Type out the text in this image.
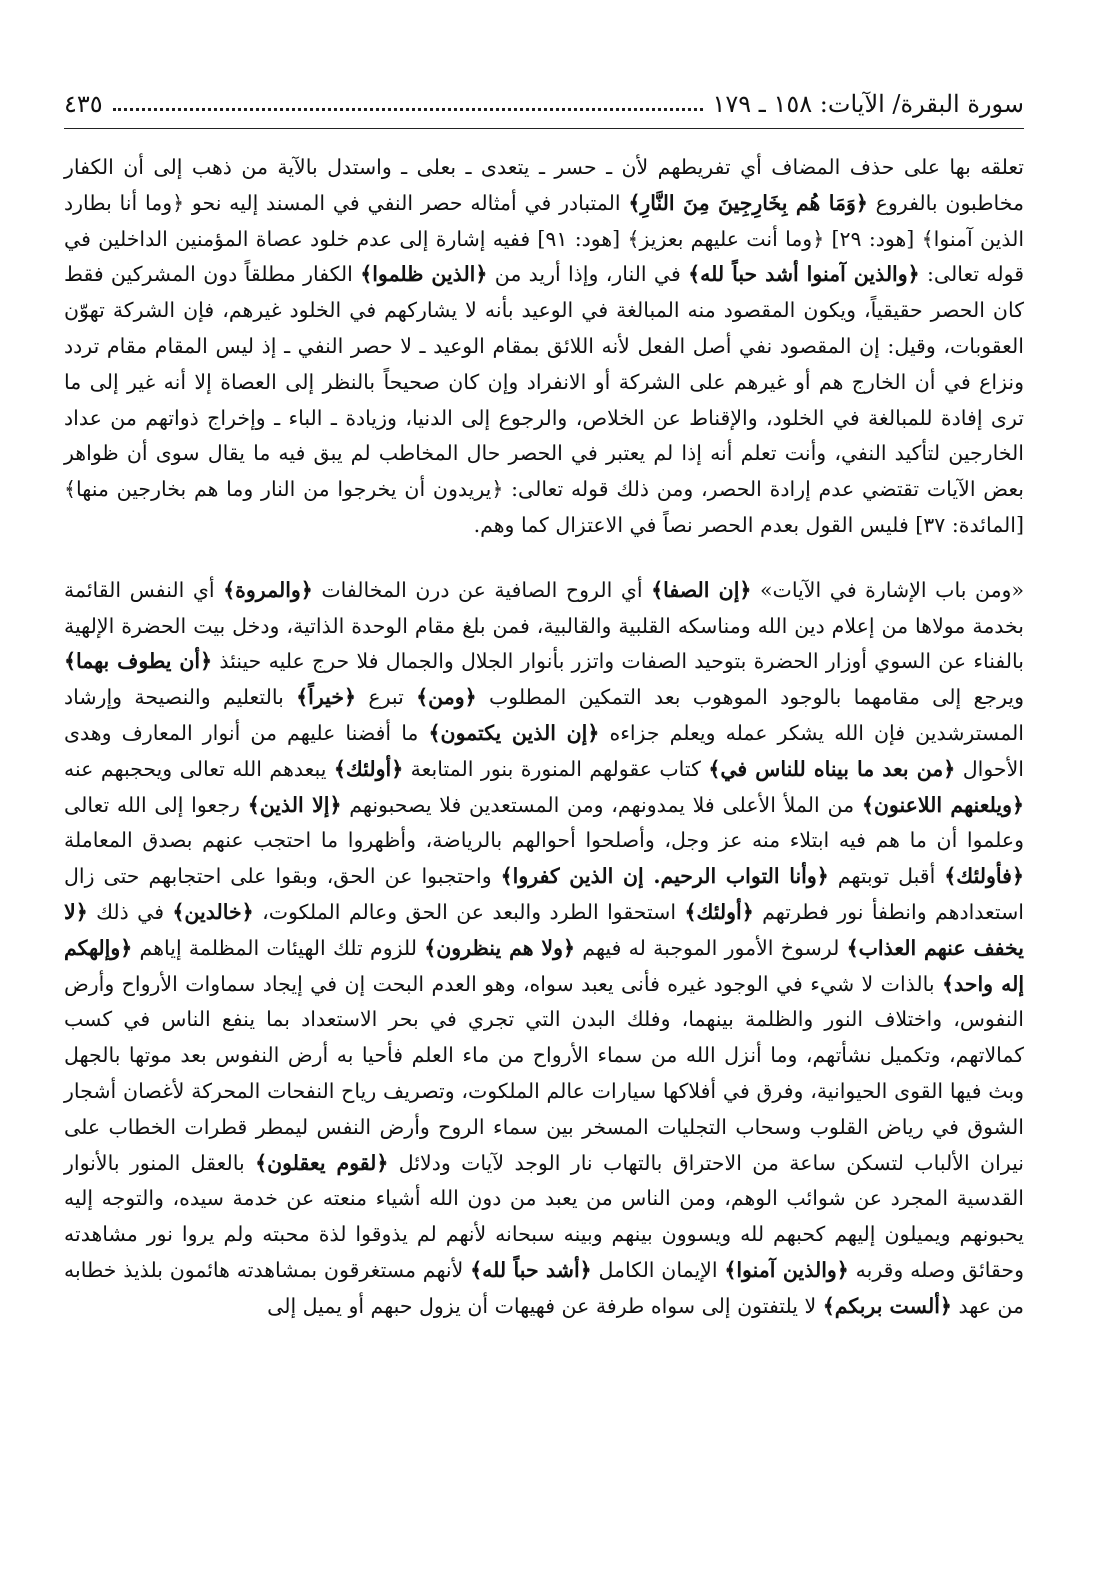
سورة البقرة/ الآيات: ١٥٨ ـ ١٧٩
٤٣٥

تعلقه بها على حذف المضاف أي تفريطهم لأن ـ حسر ـ يتعدى ـ بعلى ـ واستدل بالآية من ذهب إلى أن الكفار مخاطبون بالفروع ﴿وَمَا هُم بِخَارِجِينَ مِنَ النَّارِ﴾ المتبادر في أمثاله حصر النفي في المسند إليه نحو ﴿وما أنا بطارد الذين آمنوا﴾ [هود: ٢٩] ﴿وما أنت عليهم بعزيز﴾ [هود: ٩١] ففيه إشارة إلى عدم خلود عصاة المؤمنين الداخلين في قوله تعالى: ﴿والذين آمنوا أشد حباً لله﴾ في النار، وإذا أريد من ﴿الذين ظلموا﴾ الكفار مطلقاً دون المشركين فقط كان الحصر حقيقياً، ويكون المقصود منه المبالغة في الوعيد بأنه لا يشاركهم في الخلود غيرهم، فإن الشركة تهوّن العقوبات، وقيل: إن المقصود نفي أصل الفعل لأنه اللائق بمقام الوعيد ـ لا حصر النفي ـ إذ ليس المقام مقام تردد ونزاع في أن الخارج هم أو غيرهم على الشركة أو الانفراد وإن كان صحيحاً بالنظر إلى العصاة إلا أنه غير إلى ما ترى إفادة للمبالغة في الخلود، والإقناط عن الخلاص، والرجوع إلى الدنيا، وزيادة ـ الباء ـ وإخراج ذواتهم من عداد الخارجين لتأكيد النفي، وأنت تعلم أنه إذا لم يعتبر في الحصر حال المخاطب لم يبق فيه ما يقال سوى أن ظواهر بعض الآيات تقتضي عدم إرادة الحصر، ومن ذلك قوله تعالى: ﴿يريدون أن يخرجوا من النار وما هم بخارجين منها﴾ [المائدة: ٣٧] فليس القول بعدم الحصر نصاً في الاعتزال كما وهم.

«ومن باب الإشارة في الآيات» ﴿إن الصفا﴾ أي الروح الصافية عن درن المخالفات ﴿والمروة﴾ أي النفس القائمة بخدمة مولاها من إعلام دين الله ومناسكه القلبية والقالبية، فمن بلغ مقام الوحدة الذاتية، ودخل بيت الحضرة الإلهية بالفناء عن السوي أوزار الحضرة بتوحيد الصفات واتزر بأنوار الجلال والجمال فلا حرج عليه حينئذ ﴿أن يطوف بهما﴾ ويرجع إلى مقامهما بالوجود الموهوب بعد التمكين المطلوب ﴿ومن﴾ تبرع ﴿خيراً﴾ بالتعليم والنصيحة وإرشاد المسترشدين فإن الله يشكر عمله ويعلم جزاءه ﴿إن الذين يكتمون﴾ ما أفضنا عليهم من أنوار المعارف وهدى الأحوال ﴿من بعد ما بيناه للناس في﴾ كتاب عقولهم المنورة بنور المتابعة ﴿أولئك﴾ يبعدهم الله تعالى ويحجبهم عنه ﴿ويلعنهم اللاعنون﴾ من الملأ الأعلى فلا يمدونهم، ومن المستعدين فلا يصحبونهم ﴿إلا الذين﴾ رجعوا إلى الله تعالى وعلموا أن ما هم فيه ابتلاء منه عز وجل، وأصلحوا أحوالهم بالرياضة، وأظهروا ما احتجب عنهم بصدق المعاملة ﴿فأولئك﴾ أقبل توبتهم ﴿وأنا التواب الرحيم. إن الذين كفروا﴾ واحتجبوا عن الحق، وبقوا على احتجابهم حتى زال استعدادهم وانطفأ نور فطرتهم ﴿أولئك﴾ استحقوا الطرد والبعد عن الحق وعالم الملكوت، ﴿خالدين﴾ في ذلك ﴿لا يخفف عنهم العذاب﴾ لرسوخ الأمور الموجبة له فيهم ﴿ولا هم ينظرون﴾ للزوم تلك الهيئات المظلمة إياهم ﴿وإلهكم إله واحد﴾ بالذات لا شيء في الوجود غيره فأنى يعبد سواه، وهو العدم البحت إن في إيجاد سماوات الأرواح وأرض النفوس، واختلاف النور والظلمة بينهما، وفلك البدن التي تجري في بحر الاستعداد بما ينفع الناس في كسب كمالاتهم، وتكميل نشأتهم، وما أنزل الله من سماء الأرواح من ماء العلم فأحيا به أرض النفوس بعد موتها بالجهل وبث فيها القوى الحيوانية، وفرق في أفلاكها سيارات عالم الملكوت، وتصريف رياح النفحات المحركة لأغصان أشجار الشوق في رياض القلوب وسحاب التجليات المسخر بين سماء الروح وأرض النفس ليمطر قطرات الخطاب على نيران الألباب لتسكن ساعة من الاحتراق بالتهاب نار الوجد لآيات ودلائل ﴿لقوم يعقلون﴾ بالعقل المنور بالأنوار القدسية المجرد عن شوائب الوهم، ومن الناس من يعبد من دون الله أشياء منعته عن خدمة سيده، والتوجه إليه يحبونهم ويميلون إليهم كحبهم لله ويسوون بينهم وبينه سبحانه لأنهم لم يذوقوا لذة محبته ولم يروا نور مشاهدته وحقائق وصله وقربه ﴿والذين آمنوا﴾ الإيمان الكامل ﴿أشد حباً لله﴾ لأنهم مستغرقون بمشاهدته هائمون بلذيذ خطابه من عهد ﴿ألست بربكم﴾ لا يلتفتون إلى سواه طرفة عن فهيهات أن يزول حبهم أو يميل إلى
